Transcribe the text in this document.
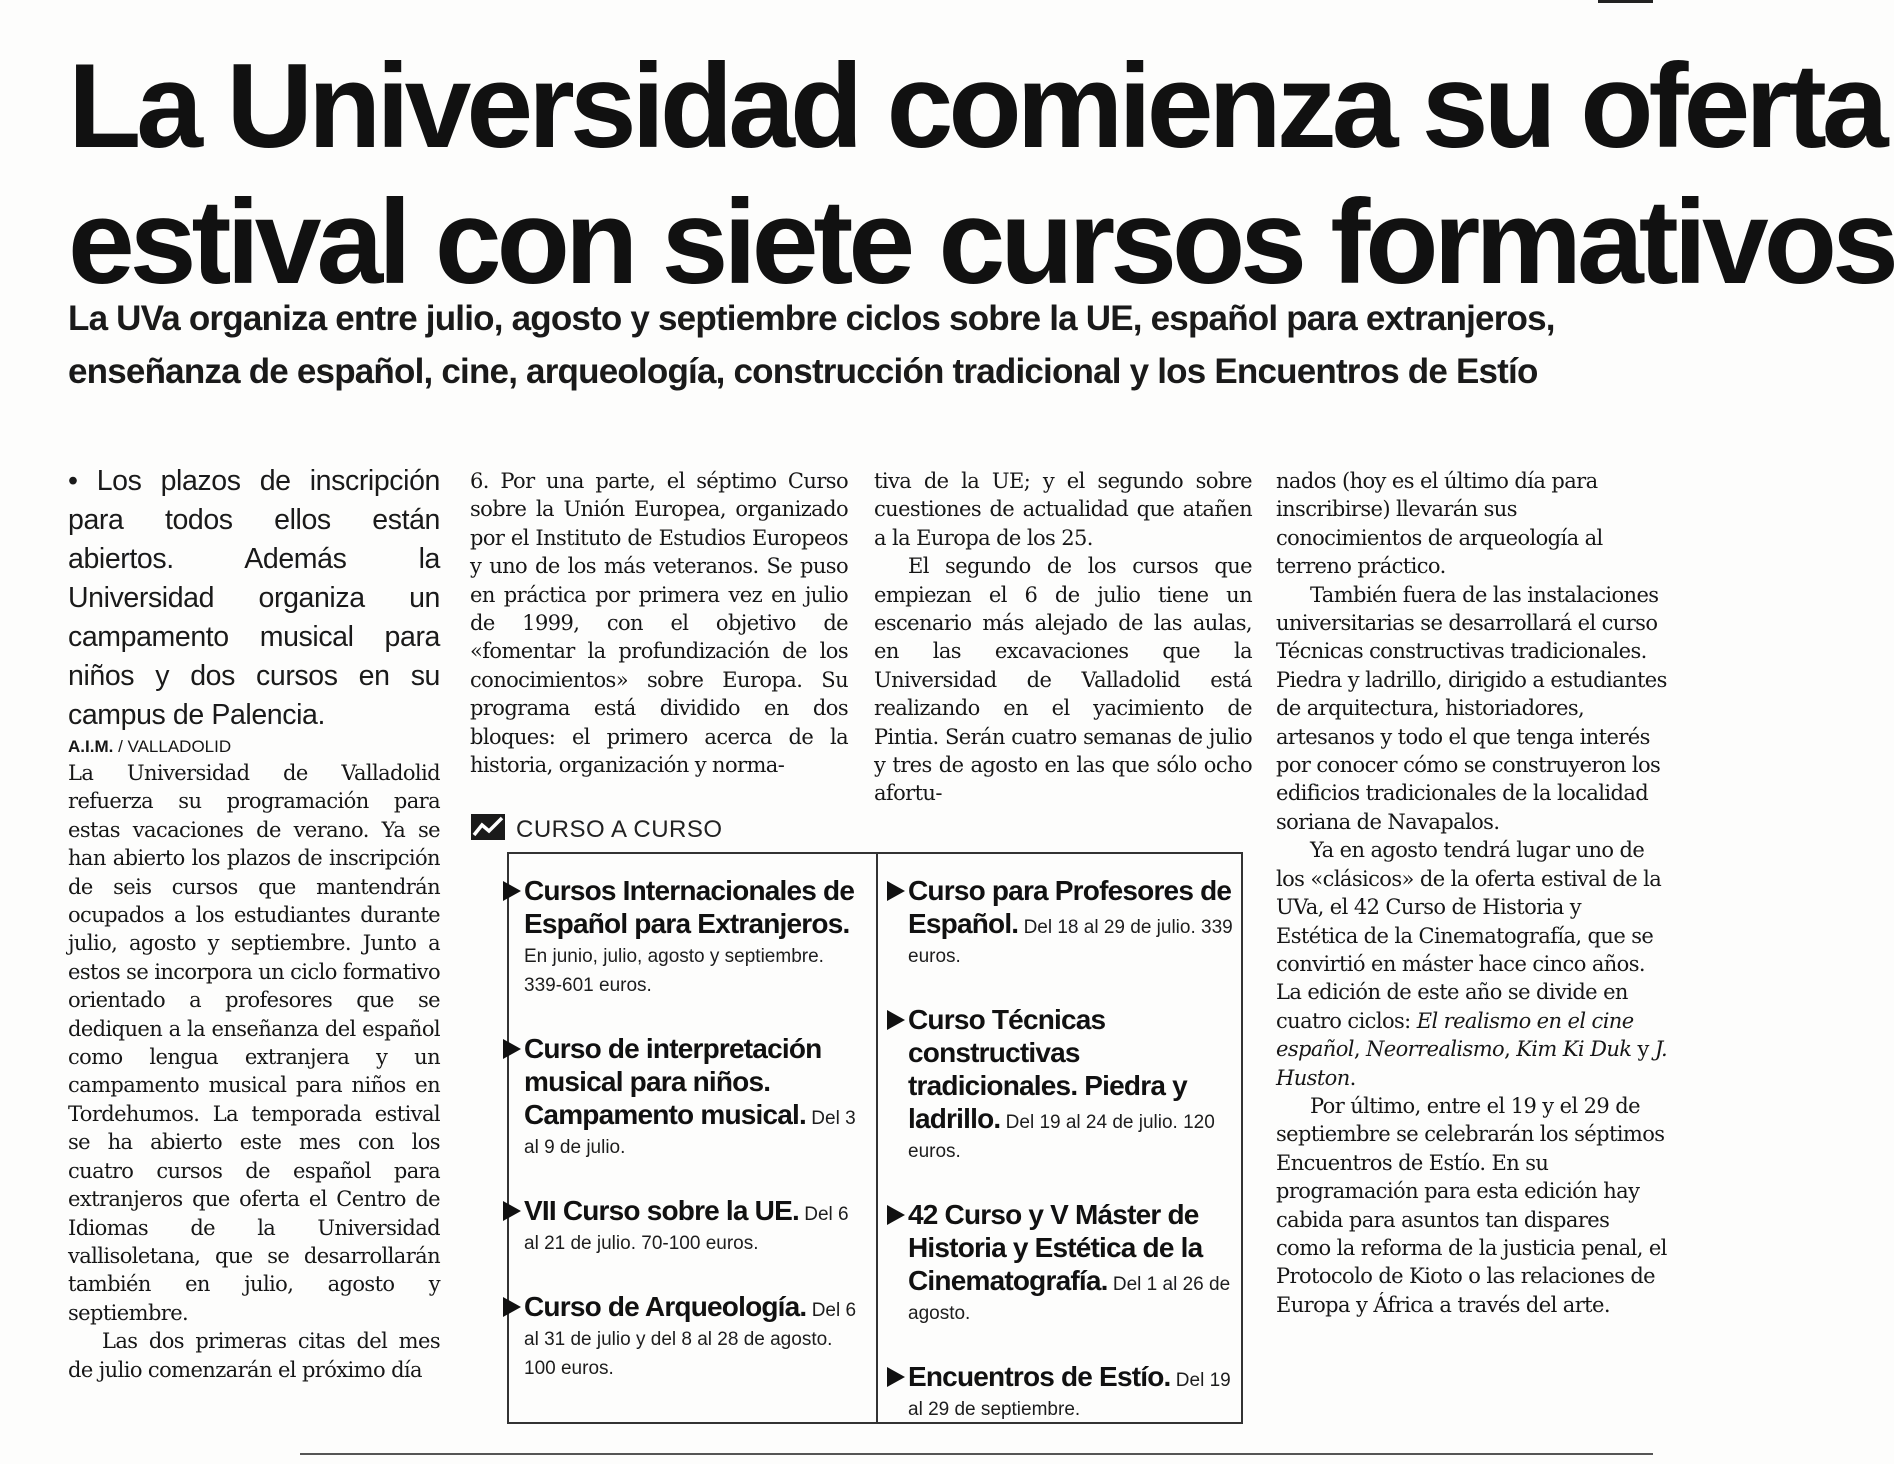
La Universidad comienza su oferta
estival con siete cursos formativos
La UVa organiza entre julio, agosto y septiembre ciclos sobre la UE, español para extranjeros,
enseñanza de español, cine, arqueología, construcción tradicional y los Encuentros de Estío

• Los plazos de inscripción para todos ellos están abiertos. Además la Universidad organiza un campamento musical para niños y dos cursos en su campus de Palencia.

A.I.M. / VALLADOLID

La Universidad de Valladolid refuerza su programación para estas vacaciones de verano. Ya se han abierto los plazos de inscripción de seis cursos que mantendrán ocupados a los estudiantes durante julio, agosto y septiembre. Junto a estos se incorpora un ciclo formativo orientado a profesores que se dediquen a la enseñanza del español como lengua extranjera y un campamento musical para niños en Tordehumos. La temporada estival se ha abierto este mes con los cuatro cursos de español para extranjeros que oferta el Centro de Idiomas de la Universidad vallisoletana, que se desarrollarán también en julio, agosto y septiembre.

Las dos primeras citas del mes de julio comenzarán el próximo día

6. Por una parte, el séptimo Curso sobre la Unión Europea, organizado por el Instituto de Estudios Europeos y uno de los más veteranos. Se puso en práctica por primera vez en julio de 1999, con el objetivo de «fomentar la profundización de los conocimientos» sobre Europa. Su programa está dividido en dos bloques: el primero acerca de la historia, organización y norma-

tiva de la UE; y el segundo sobre cuestiones de actualidad que atañen a la Europa de los 25.

El segundo de los cursos que empiezan el 6 de julio tiene un escenario más alejado de las aulas, en las excavaciones que la Universidad de Valladolid está realizando en el yacimiento de Pintia. Serán cuatro semanas de julio y tres de agosto en las que sólo ocho afortu-

nados (hoy es el último día para inscribirse) llevarán sus conocimientos de arqueología al terreno práctico.

También fuera de las instalaciones universitarias se desarrollará el curso Técnicas constructivas tradicionales. Piedra y ladrillo, dirigido a estudiantes de arquitectura, historiadores, artesanos y todo el que tenga interés por conocer cómo se construyeron los edificios tradicionales de la localidad soriana de Navapalos.

Ya en agosto tendrá lugar uno de los «clásicos» de la oferta estival de la UVa, el 42 Curso de Historia y Estética de la Cinematografía, que se convirtió en máster hace cinco años. La edición de este año se divide en cuatro ciclos: El realismo en el cine español, Neorrealismo, Kim Ki Duk y J. Huston.

Por último, entre el 19 y el 29 de septiembre se celebrarán los séptimos Encuentros de Estío. En su programación para esta edición hay cabida para asuntos tan dispares como la reforma de la justicia penal, el Protocolo de Kioto o las relaciones de Europa y África a través del arte.

CURSO A CURSO
Cursos Internacionales de Español para Extranjeros. En junio, julio, agosto y septiembre. 339-601 euros.
Curso de interpretación musical para niños. Campamento musical. Del 3 al 9 de julio.
VII Curso sobre la UE. Del 6 al 21 de julio. 70-100 euros.
Curso de Arqueología. Del 6 al 31 de julio y del 8 al 28 de agosto. 100 euros.
Curso para Profesores de Español. Del 18 al 29 de julio. 339 euros.
Curso Técnicas constructivas tradicionales. Piedra y ladrillo. Del 19 al 24 de julio. 120 euros.
42 Curso y V Máster de Historia y Estética de la Cinematografía. Del 1 al 26 de agosto.
Encuentros de Estío. Del 19 al 29 de septiembre.
